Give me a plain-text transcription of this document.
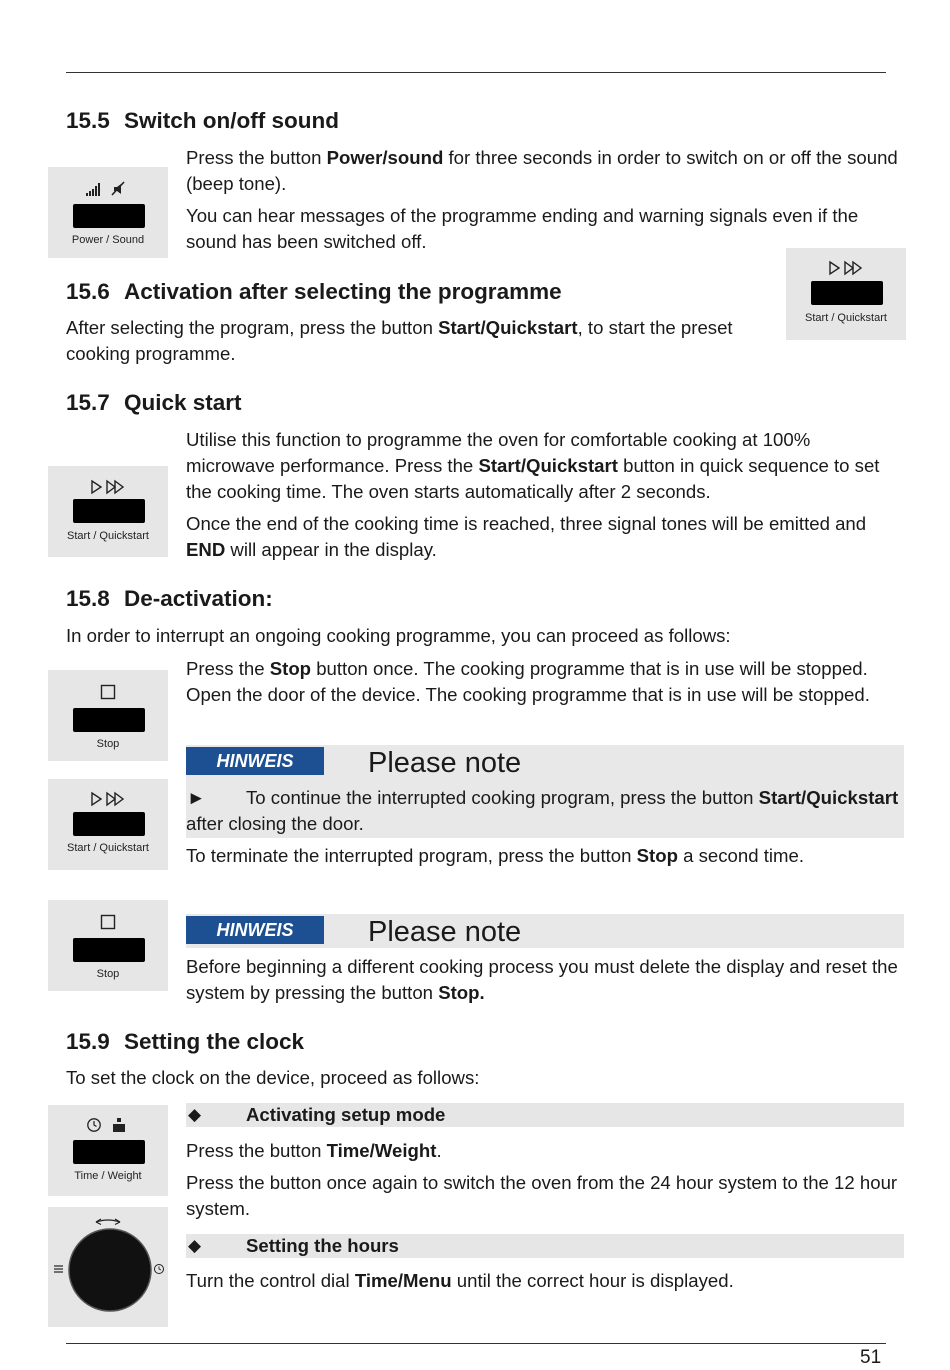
15.5 Switch on/off sound
Power / Sound

Press the button Power/sound for three seconds in order to switch on or off the sound (beep tone).

You can hear messages of the programme ending and warning signals even if the sound has been switched off.

15.6 Activation after selecting the programme
Start / Quickstart

After selecting the program, press the button Start/Quickstart, to start the preset cooking programme.

15.7 Quick start
Start / Quickstart

Utilise this function to programme the oven for comfortable cooking at 100% microwave performance. Press the Start/Quickstart button in quick sequence to set the cooking time. The oven starts automatically after 2 seconds.

Once the end of the cooking time is reached, three signal tones will be emitted and END will appear in the display.

15.8 De-activation:

In order to interrupt an ongoing cooking programme, you can proceed as follows:

Stop

Press the Stop button once. The cooking programme that is in use will be stopped. Open the door of the device. The cooking programme that is in use will be stopped.

HINWEIS	Please note
►	To continue the interrupted cooking program, press the button Start/Quickstart after closing the door.

Start / Quickstart	To terminate the interrupted program, press the button Stop a second time.

Stop
HINWEIS	Please note

Before beginning a different cooking process you must delete the display and reset the system by pressing the button Stop.

15.9 Setting the clock

To set the clock on the device, proceed as follows:

Time / Weight
◆ Activating setup mode

Press the button Time/Weight.

Press the button once again to switch the oven from the 24 hour system to the 12 hour system.

◆ Setting the hours

Turn the control dial Time/Menu until the correct hour is displayed.

51
